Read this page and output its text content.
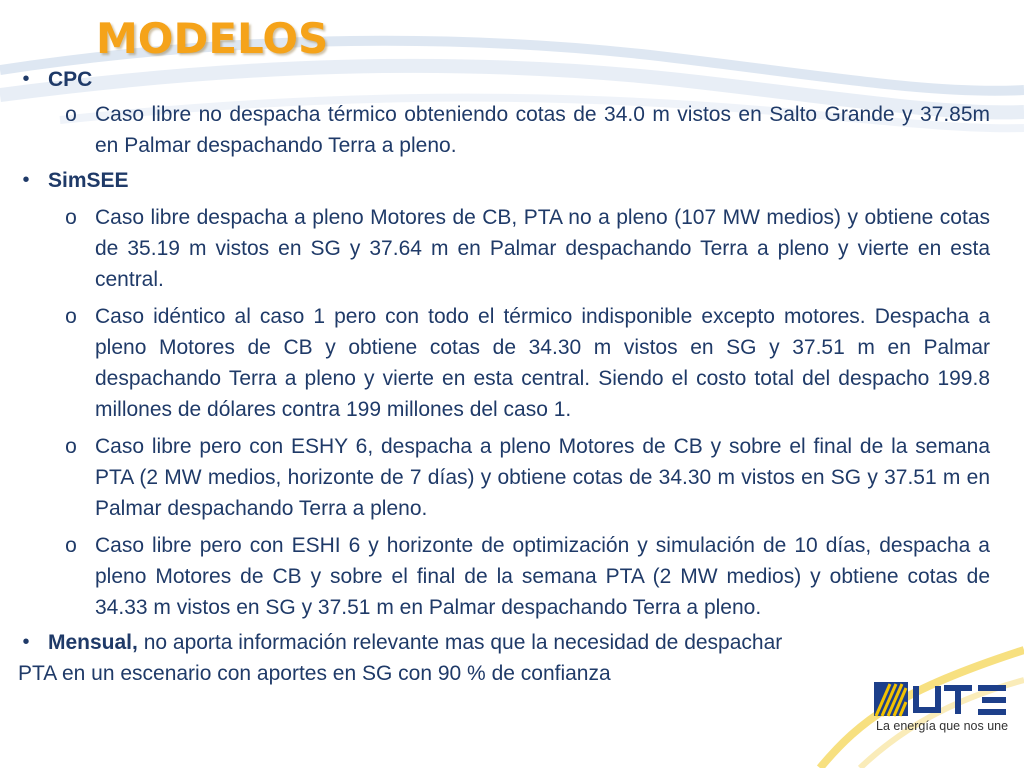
MODELOS
• CPC
o Caso libre no despacha térmico obteniendo cotas de 34.0 m vistos en Salto Grande y 37.85m en Palmar despachando Terra a pleno.
• SimSEE
o Caso libre despacha a pleno Motores de CB, PTA no a pleno (107 MW medios) y obtiene cotas de 35.19 m vistos en SG y 37.64 m en Palmar despachando Terra a pleno y vierte en esta central.
o Caso idéntico al caso 1 pero con todo el térmico indisponible excepto motores. Despacha a pleno Motores de CB y obtiene cotas de 34.30 m vistos en SG y 37.51 m en Palmar despachando Terra a pleno y vierte en esta central. Siendo el costo total del despacho 199.8 millones de dólares contra 199 millones del caso 1.
o Caso libre pero con ESHY 6, despacha a pleno Motores de CB y sobre el final de la semana PTA (2 MW medios, horizonte de 7 días) y obtiene cotas de 34.30 m vistos en SG y 37.51 m en Palmar despachando Terra a pleno.
o Caso libre pero con ESHI 6 y horizonte de optimización y simulación de 10 días, despacha a pleno Motores de CB y sobre el final de la semana PTA (2 MW medios) y obtiene cotas de 34.33 m vistos en SG y 37.51 m en Palmar despachando Terra a pleno.
• Mensual, no aporta información relevante mas que la necesidad de despachar
PTA en un escenario con aportes en SG con 90 % de confianza
La energía que nos une
